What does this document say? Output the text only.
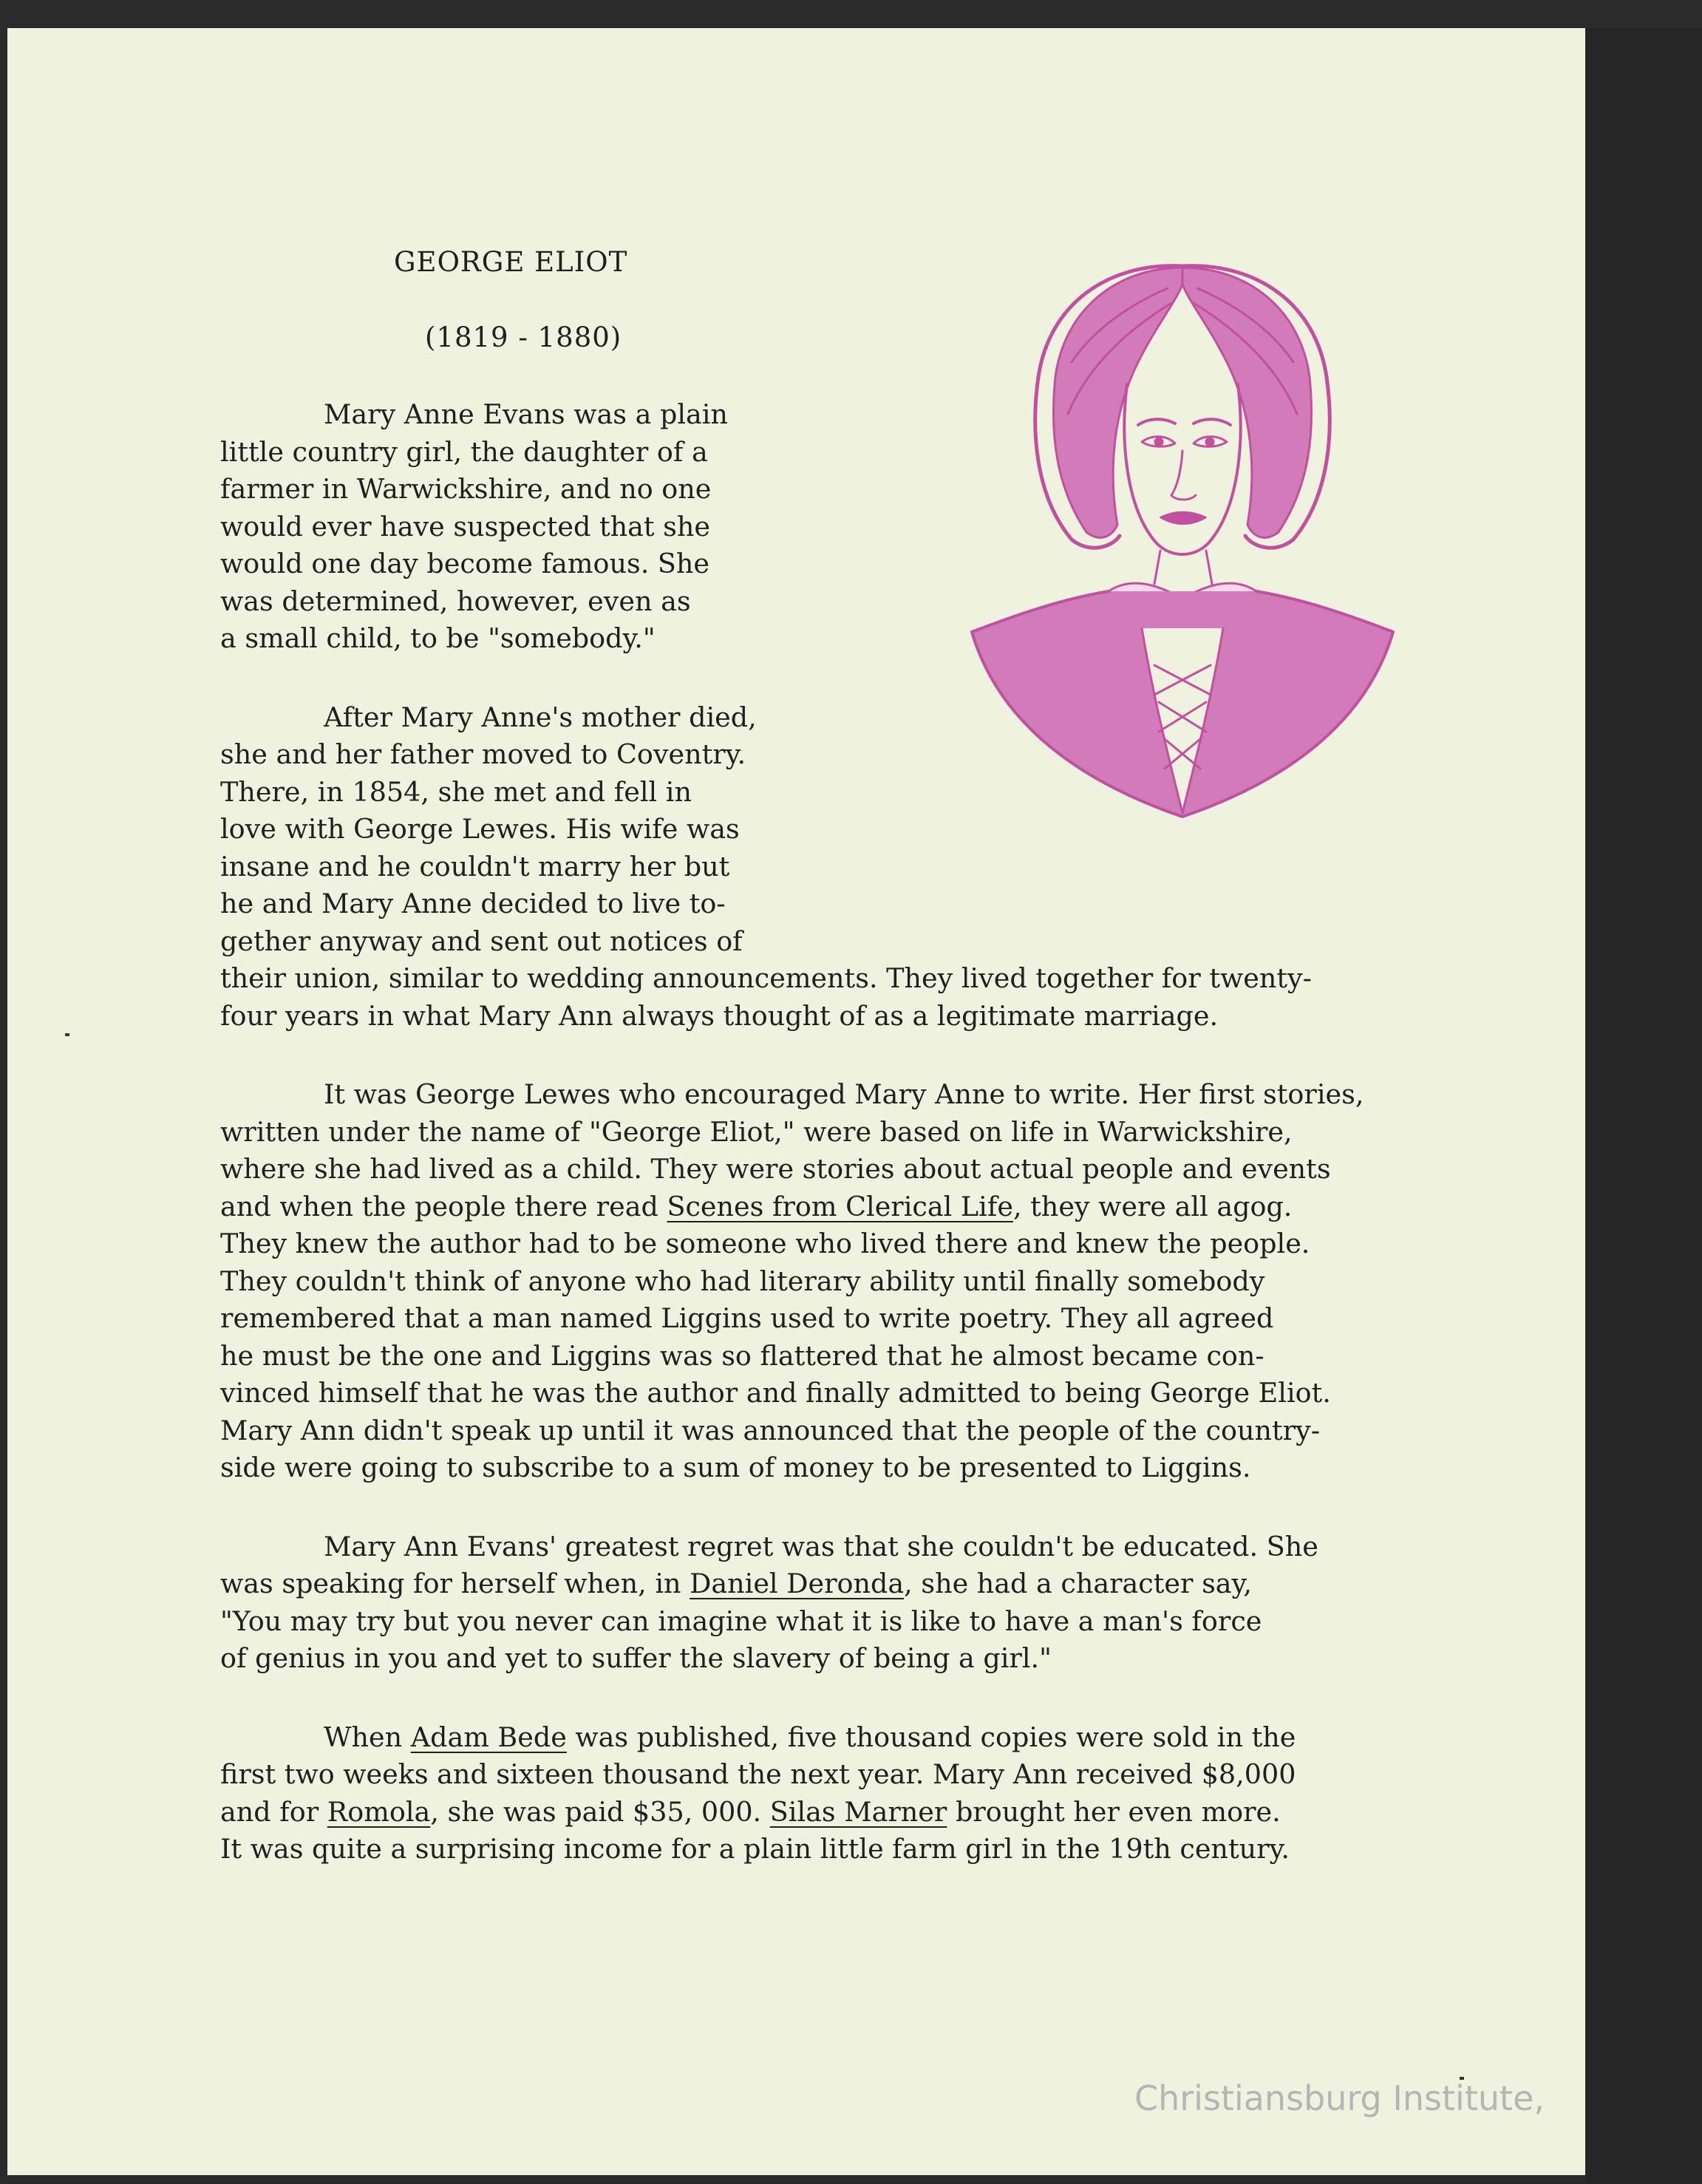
GEORGE ELIOT
(1819 - 1880)
Mary Anne Evans was a plain
little country girl, the daughter of a
farmer in Warwickshire, and no one
would ever have suspected that she
would one day become famous. She
was determined, however, even as
a small child, to be "somebody."
After Mary Anne's mother died,
she and her father moved to Coventry.
There, in 1854, she met and fell in
love with George Lewes. His wife was
insane and he couldn't marry her but
he and Mary Anne decided to live to-
gether anyway and sent out notices of
their union, similar to wedding announcements. They lived together for twenty-
four years in what Mary Ann always thought of as a legitimate marriage.
It was George Lewes who encouraged Mary Anne to write. Her first stories,
written under the name of "George Eliot," were based on life in Warwickshire,
where she had lived as a child. They were stories about actual people and events
and when the people there read Scenes from Clerical Life, they were all agog.
They knew the author had to be someone who lived there and knew the people.
They couldn't think of anyone who had literary ability until finally somebody
remembered that a man named Liggins used to write poetry. They all agreed
he must be the one and Liggins was so flattered that he almost became con-
vinced himself that he was the author and finally admitted to being George Eliot.
Mary Ann didn't speak up until it was announced that the people of the country-
side were going to subscribe to a sum of money to be presented to Liggins.
Mary Ann Evans' greatest regret was that she couldn't be educated. She
was speaking for herself when, in Daniel Deronda, she had a character say,
"You may try but you never can imagine what it is like to have a man's force
of genius in you and yet to suffer the slavery of being a girl."
When Adam Bede was published, five thousand copies were sold in the
first two weeks and sixteen thousand the next year. Mary Ann received $8,000
and for Romola, she was paid $35, 000. Silas Marner brought her even more.
It was quite a surprising income for a plain little farm girl in the 19th century.
Christiansburg Institute,
